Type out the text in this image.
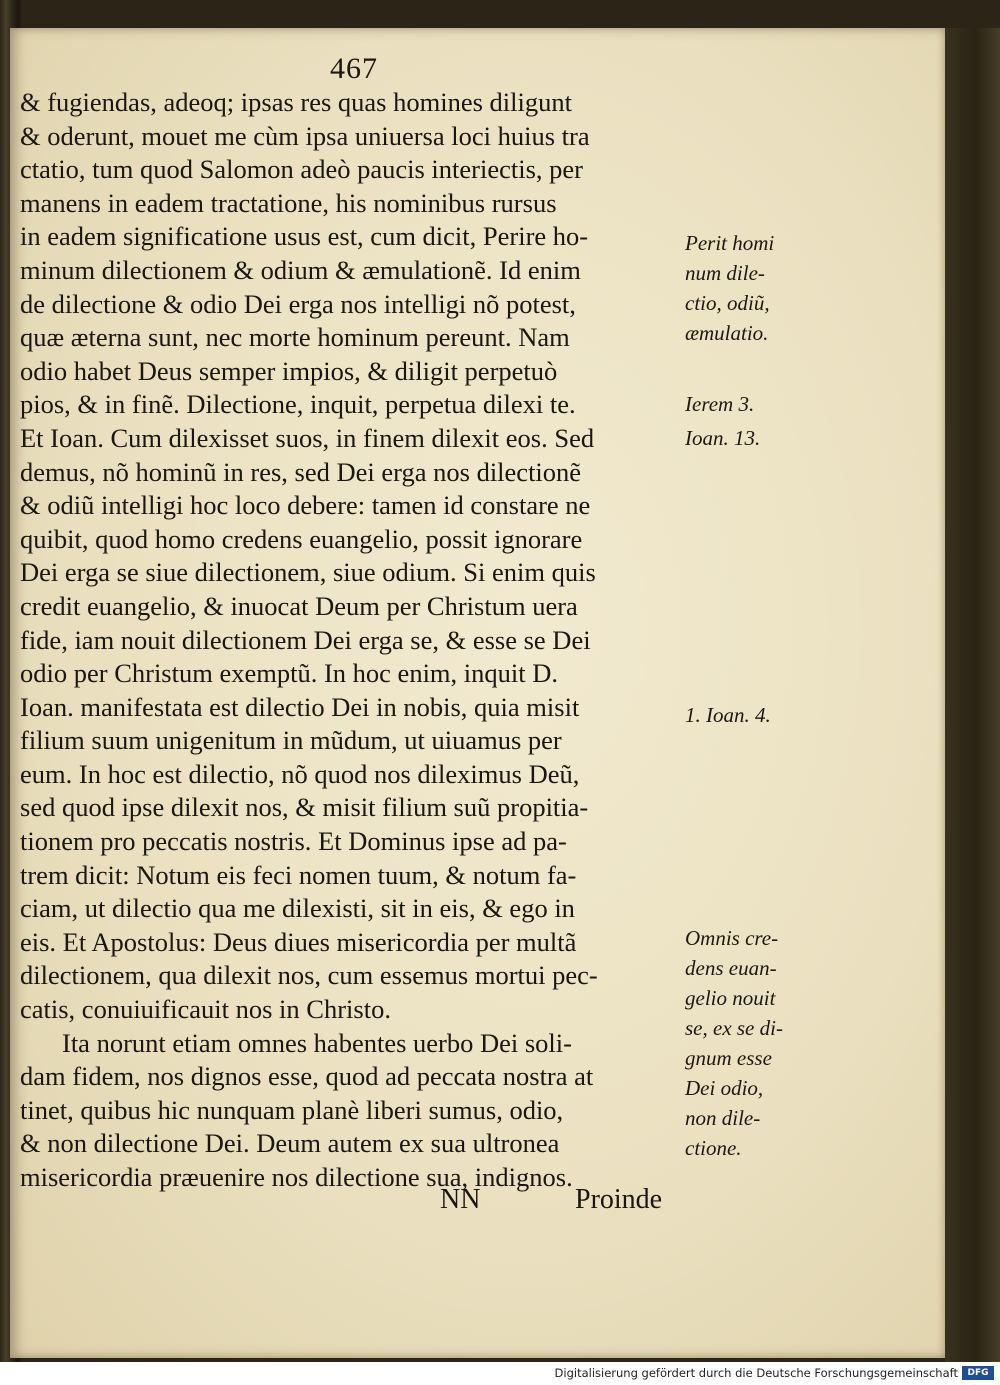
467
& fugiendas, adeoq; ipsas res quas homines diligunt
& oderunt, mouet me cùm ipsa uniuersa loci huius tra
ctatio, tum quod Salomon adeò paucis interiectis, per
manens in eadem tractatione, his nominibus rursus
in eadem significatione usus est, cum dicit, Perire ho-
minum dilectionem & odium & æmulationẽ. Id enim
de dilectione & odio Dei erga nos intelligi nõ potest,
quæ æterna sunt, nec morte hominum pereunt. Nam
odio habet Deus semper impios, & diligit perpetuò
pios, & in finẽ. Dilectione, inquit, perpetua dilexi te.
Et Ioan. Cum dilexisset suos, in finem dilexit eos. Sed
demus, nõ hominũ in res, sed Dei erga nos dilectionẽ
& odiũ intelligi hoc loco debere: tamen id constare ne
quibit, quod homo credens euangelio, possit ignorare
Dei erga se siue dilectionem, siue odium. Si enim quis
credit euangelio, & inuocat Deum per Christum uera
fide, iam nouit dilectionem Dei erga se, & esse se Dei
odio per Christum exemptũ. In hoc enim, inquit D.
Ioan. manifestata est dilectio Dei in nobis, quia misit
filium suum unigenitum in mũdum, ut uiuamus per
eum. In hoc est dilectio, nõ quod nos dileximus Deũ,
sed quod ipse dilexit nos, & misit filium suũ propitia-
tionem pro peccatis nostris. Et Dominus ipse ad pa-
trem dicit: Notum eis feci nomen tuum, & notum fa-
ciam, ut dilectio qua me dilexisti, sit in eis, & ego in
eis. Et Apostolus: Deus diues misericordia per multã
dilectionem, qua dilexit nos, cum essemus mortui pec-
catis, conuiuificauit nos in Christo.
Ita norunt etiam omnes habentes uerbo Dei soli-
dam fidem, nos dignos esse, quod ad peccata nostra at
tinet, quibus hic nunquam planè liberi sumus, odio,
& non dilectione Dei. Deum autem ex sua ultronea
misericordia præuenire nos dilectione sua, indignos.
Perit homi
num dile-
ctio, odiũ,
æmulatio.
Ierem 3.
Ioan. 13.
1. Ioan. 4.
Omnis cre-
dens euan-
gelio nouit
se, ex se di-
gnum esse
Dei odio,
non dile-
ctione.
NN	Proinde
Digitalisierung gefördert durch die Deutsche Forschungsgemeinschaft	DFG
